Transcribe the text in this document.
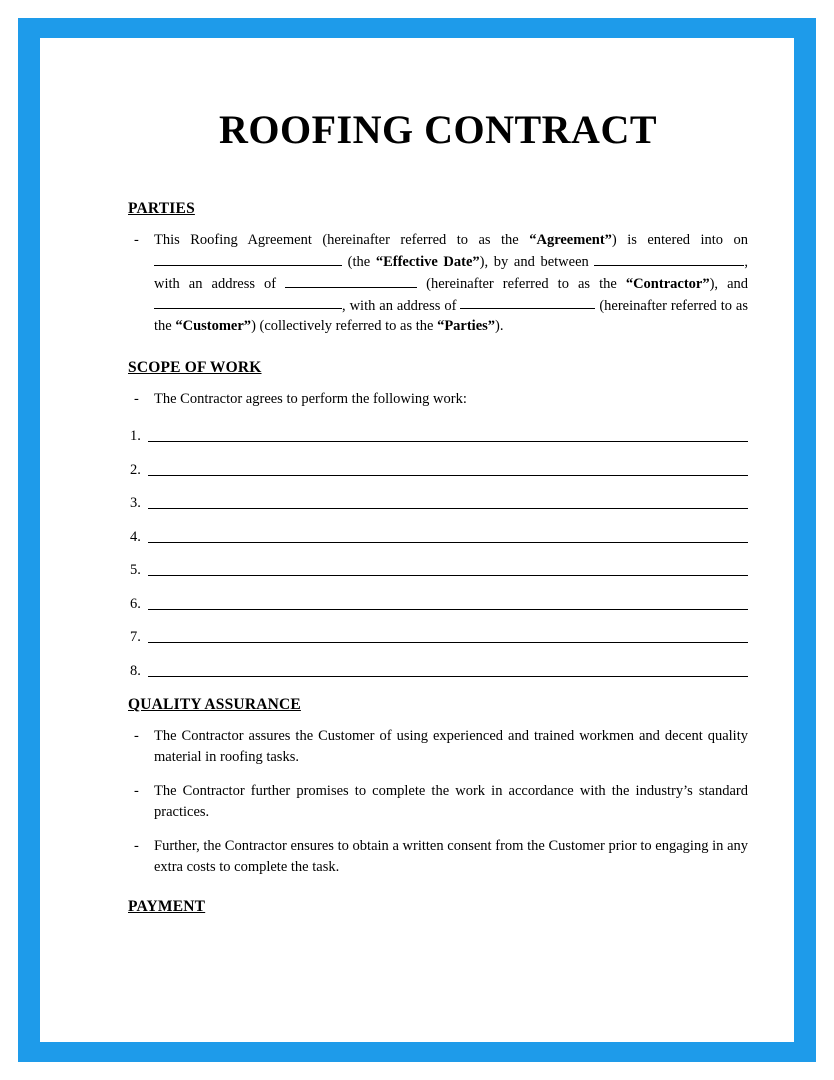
ROOFING CONTRACT
PARTIES
-	This Roofing Agreement (hereinafter referred to as the “Agreement”) is entered into on  (the “Effective Date”), by and between	, with an address of	(hereinafter referred to as the “Contractor”), and , with an address of	(hereinafter referred to as the “Customer”) (collectively referred to as the “Parties”).
SCOPE OF WORK
-	The Contractor agrees to perform the following work:
1.
2.
3.
4.
5.
6.
7.
8.
QUALITY ASSURANCE
-	The Contractor assures the Customer of using experienced and trained workmen and decent quality material in roofing tasks.
-	The Contractor further promises to complete the work in accordance with the industry’s standard practices.
-	Further, the Contractor ensures to obtain a written consent from the Customer prior to engaging in any extra costs to complete the task.
PAYMENT
